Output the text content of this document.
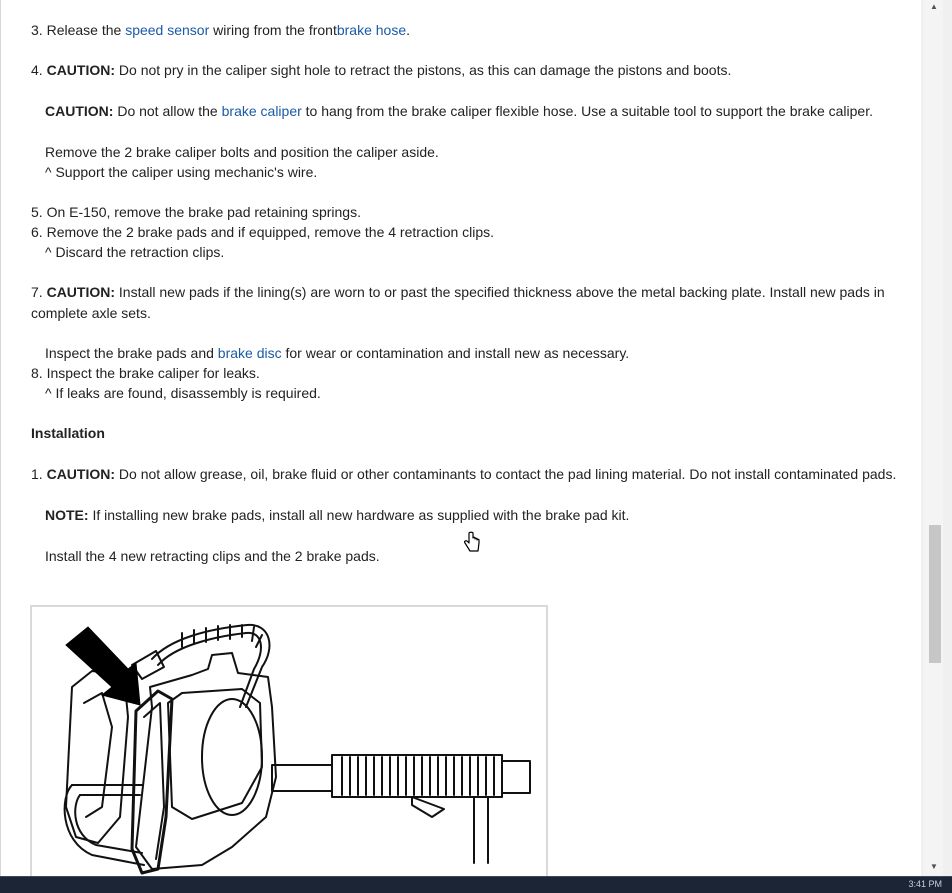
3. Release the speed sensor wiring from the frontbrake hose.
4. CAUTION: Do not pry in the caliper sight hole to retract the pistons, as this can damage the pistons and boots.
CAUTION: Do not allow the brake caliper to hang from the brake caliper flexible hose. Use a suitable tool to support the brake caliper.
Remove the 2 brake caliper bolts and position the caliper aside.
^ Support the caliper using mechanic's wire.
5. On E-150, remove the brake pad retaining springs.
6. Remove the 2 brake pads and if equipped, remove the 4 retraction clips.
^ Discard the retraction clips.
7. CAUTION: Install new pads if the lining(s) are worn to or past the specified thickness above the metal backing plate. Install new pads in
complete axle sets.
Inspect the brake pads and brake disc for wear or contamination and install new as necessary.
8. Inspect the brake caliper for leaks.
^ If leaks are found, disassembly is required.
Installation
1. CAUTION: Do not allow grease, oil, brake fluid or other contaminants to contact the pad lining material. Do not install contaminated pads.
NOTE: If installing new brake pads, install all new hardware as supplied with the brake pad kit.
Install the 4 new retracting clips and the 2 brake pads.
▲
▼
3:41 PM
